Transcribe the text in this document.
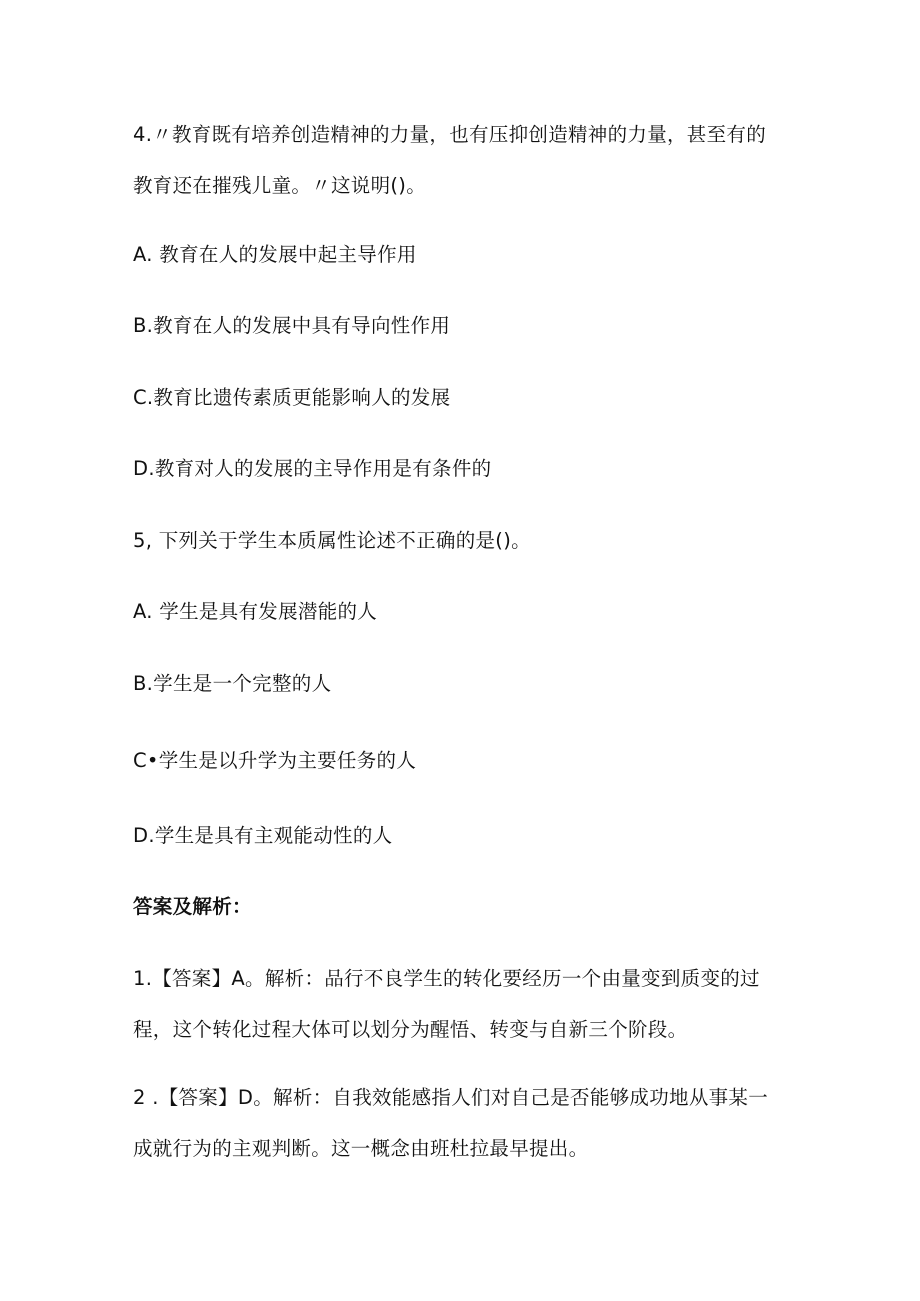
4.〃教育既有培养创造精神的力量，也有压抑创造精神的力量，甚至有的
教育还在摧残儿童。〃这说明()。
A. 教育在人的发展中起主导作用
B.教育在人的发展中具有导向性作用
C.教育比遗传素质更能影响人的发展
D.教育对人的发展的主导作用是有条件的
5, 下列关于学生本质属性论述不正确的是()。
A. 学生是具有发展潜能的人
B.学生是一个完整的人
C•学生是以升学为主要任务的人
D.学生是具有主观能动性的人
答案及解析：
1.【答案】A。解析：品行不良学生的转化要经历一个由量变到质变的过
程，这个转化过程大体可以划分为醒悟、转变与自新三个阶段。
2 .【答案】D。解析：自我效能感指人们对自己是否能够成功地从事某一
成就行为的主观判断。这一概念由班杜拉最早提出。
